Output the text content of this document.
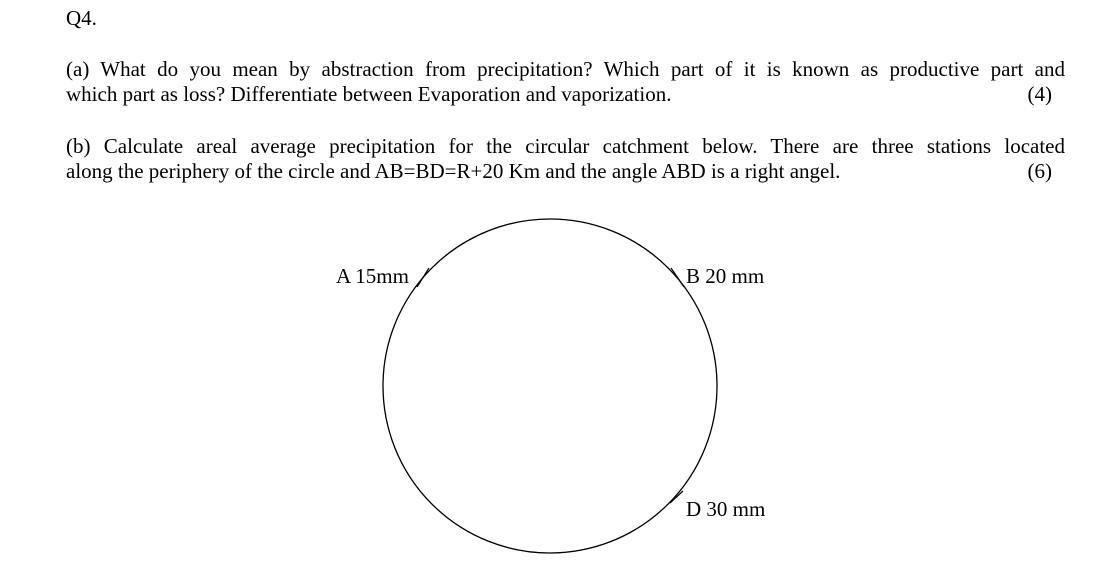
Q4.
(a) What do you mean by abstraction from precipitation? Which part of it is known as productive part and
which part as loss? Differentiate between Evaporation and vaporization.	(4)
(b) Calculate areal average precipitation for the circular catchment below. There are three stations located
along the periphery of the circle and AB=BD=R+20 Km and the angle ABD is a right angel.	(6)
A 15mm	B 20 mm
D 30 mm
